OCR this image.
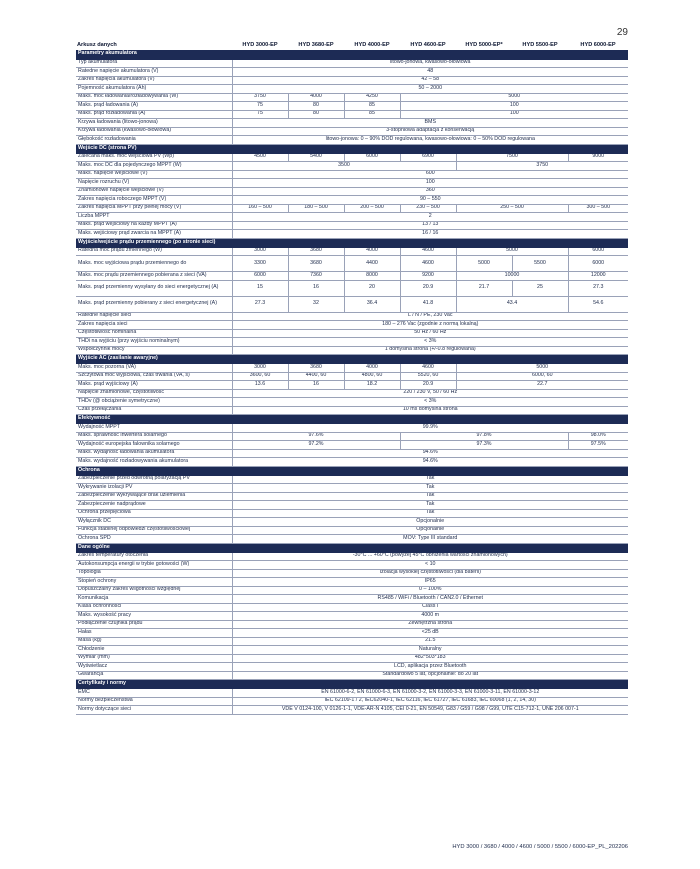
29
Arkusz danych	HYD 3000-EP	HYD 3680-EP	HYD 4000-EP	HYD 4600-EP	HYD 5000-EP*	HYD 5500-EP	HYD 6000-EP
Parametry akumulatora							
Typ akumulatora	litowo-jonowa, kwasowo-ołowiowa						
Ratedne napięcie akumulatora (V)	48						
Zakres napięcia akumulatora (V)	42 – 58						
Pojemność akumulatora (Ah)	50 – 2000						
Maks. moc ładowania/rozładowywania (W)	3750	4000	4250	5000			
Maks. prąd ładowania (A)	75	80	85	100			
Maks. prąd rozładowania (A)	75	80	85	100			
Krzywa ładowania (litowo-jonowa)	BMS						
Krzywa ładowania (kwasowo-ołowiowa)	3-stopniowa adaptacja z konserwacją						
Głębokość rozładowania	litowo-jonowa: 0 – 90% DOD regulowana, kwasowo-ołowiowa: 0 – 50% DOD regulowana						
Wejście DC (strona PV)							
Zalecana maks. moc wejściowa PV (Wp)	4500	5400	6000	6900	7500		9000
Maks. moc DC dla pojedynczego MPPT (W)	3500				3750		
Maks. napięcie wejściowe (V)	600						
Napięcie rozruchu (V)	100						
Znamionowe napięcie wejściowe (V)	360						
Zakres napięcia roboczego MPPT (V)	90 – 550						
Zakres napięcia MPPT przy pełnej mocy (V)	160 – 500	180 – 500	200 – 500	230 – 500	250 – 500		300 – 500
Liczba MPPT	2						
Maks. prąd wejściowy na każdy MPPT (A)	13 / 13						
Maks. wejściowy prąd zwarcia na MPPT (A)	16 / 16						
Wyjście/wejście prądu przemiennego (po stronie sieci)							
Ratedna moc prądu zmiennego (W)	3000	3680	4000	4600	5000		6000
Maks. moc wyjściowa prądu przemiennego do	3300	3680	4400	4600	5000	5500	6000
Maks. moc prądu przemiennego pobierana z sieci (VA)	6000	7360	8000	9200	10000		12000
Maks. prąd przemienny wysyłany do sieci energetycznej (A)	15	16	20	20.9	21.7	25	27.3
Maks. prąd przemienny pobierany z sieci energetycznej (A)	27.3	32	36.4	41.8	43.4		54.6
Ratedne napięcie sieci	L / N / PE, 230 Vac						
Zakres napięcia sieci	180 – 276 Vac (zgodnie z normą lokalną)						
Częstotliwość nominalna	50 Hz / 60 Hz						
THDi na wyjściu (przy wyjściu nominalnym)	< 3%						
Współczynnik mocy	1 domyślna strona (+/-0.8 regulowana)						
Wyjście AC (zasilanie awaryjne)							
Maks. moc pozorna (VA)	3000	3680	4000	4600	5000		
Szczytowa moc wyjściowa, czas trwania (VA, s)	3600, 60	4400, 60	4800, 60	5520, 60	6000, 60		
Maks. prąd wyjściowy (A)	13.6	16	18.2	20.9	22.7		
Napięcie znamionowe, częstotliwość	220 / 230 V, 50 / 60 Hz						
THDv (@ obciążenie symetryczne)	< 3%						
Czas przełączania	10 ms domyślna strona						
Efektywność							
Wydajność MPPT	99.9%						
Maks. sprawność inwertera solarnego	97.6%			97.8%			98.0%
Wydajność europejska falownika solarnego	97.2%			97.3%			97.5%
Maks. wydajność ładowania akumulatora	94.6%						
Maks. wydajność rozładowywania akumulatora	94.6%						
Ochrona							
Zabezpieczenie przed odwrotną polaryzacją PV	Tak						
Wykrywanie izolacji PV	Tak						
Zabezpieczenie wykrywające brak uziemienia	Tak						
Zabezpieczenie nadprądowe	Tak						
Ochrona przepięciowa	Tak						
Wyłącznik DC	Opcjonalnie						
Funkcja stabilnej odpowiedzi częstotliwościowej	Opcjonalnie						
Ochrona SPD	MOV: Type III standard						
Dane ogólne							
Zakres temperatury otoczenia	-30°C ... +60°C (powyżej 45°C obniżenia wartości znamionowych)						
Autokonsumpcja energii w trybie gotowości (W)	< 10						
Topologia	Izolacja wysokiej częstotliwości (dla baterii)						
Stopień ochrony	IP65						
Dopuszczalny zakres wilgotności względnej	0 – 100%						
Komunikacja	RS485 / WiFi / Bluetooth / CAN2.0 / Ethernet						
Klasa ochronności	Class I						
Maks. wysokość pracy	4000 m						
Podłączenie czujnika prądu	Zewnętrzna strona						
Hałas	<25 dB						
Masa (kg)	21.5						
Chłodzenie	Naturalny						
Wymiar (mm)	482*503*183						
Wyświetlacz	LCD, aplikacja przez Bluetooth						
Gwarancja	Standardowo 5 lat, opcjonalnie: do 20 lat						
Certyfikaty i normy							
EMC	EN 61000-6-2, EN 61000-6-3, EN 61000-3-2, EN 61000-3-3, EN 61000-3-11, EN 61000-3-12						
Normy bezpieczeństwa	IEC 62109-1 / 2, IEC62040-1, IEC 62116, IEC 61727, IEC 61683, IEC 60068 (1, 2, 14, 30)						
Normy dotyczące sieci	VDE V 0124-100, V 0126-1-1, VDE-AR-N 4105, CEI 0-21, EN 50549, G83 / G59 / G98 / G99, UTE C15-712-1, UNE 206 007-1						
HYD 3000 / 3680 / 4000 / 4600 / 5000 / 5500 / 6000-EP_PL_202206
